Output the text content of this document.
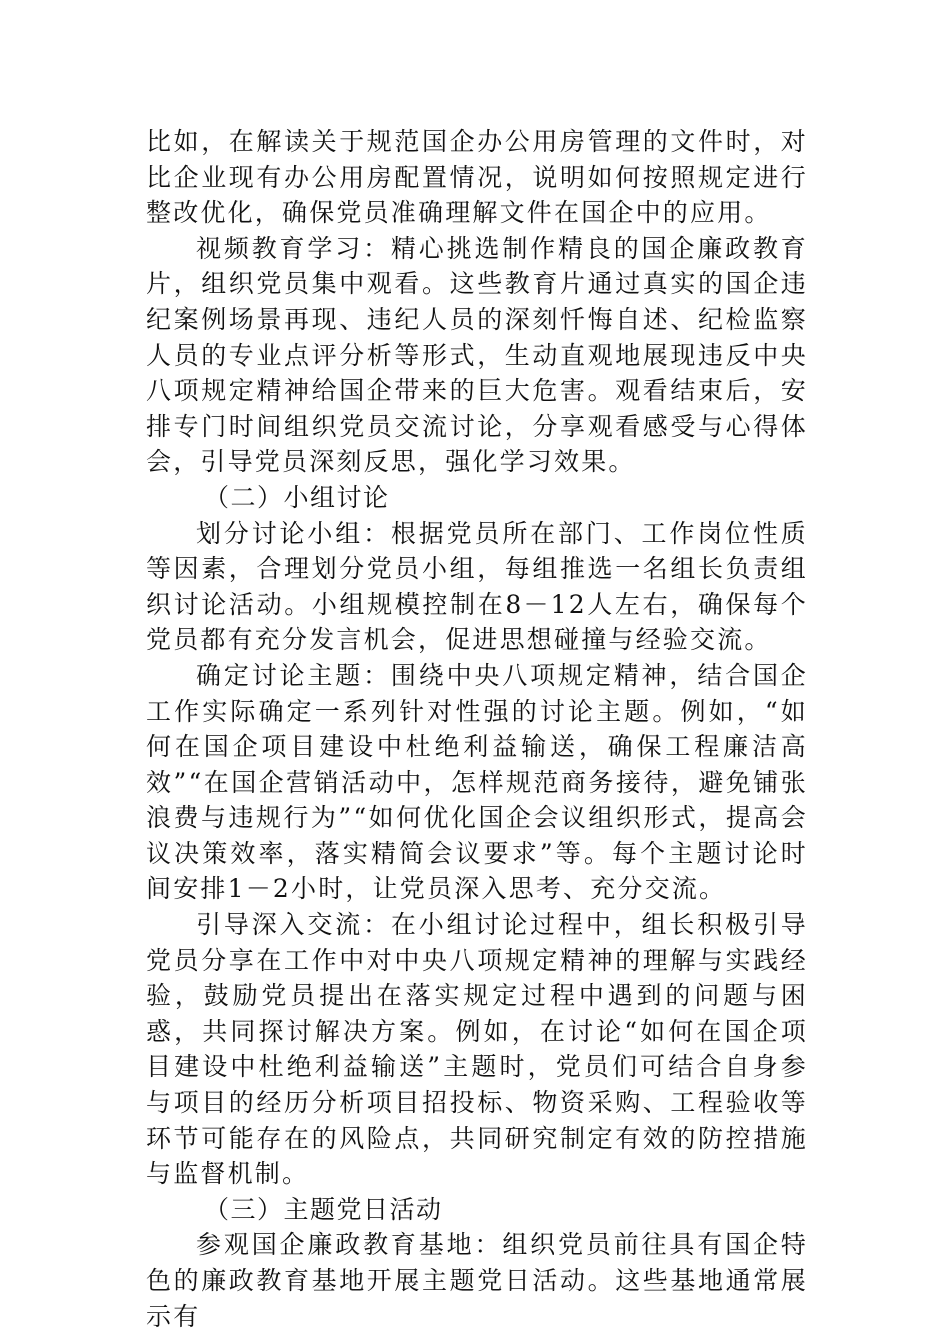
比如，在解读关于规范国企办公用房管理的文件时，对比企业现有办公用房配置情况，说明如何按照规定进行整改优化，确保党员准确理解文件在国企中的应用。

视频教育学习：精心挑选制作精良的国企廉政教育片，组织党员集中观看。这些教育片通过真实的国企违纪案例场景再现、违纪人员的深刻忏悔自述、纪检监察人员的专业点评分析等形式，生动直观地展现违反中央八项规定精神给国企带来的巨大危害。观看结束后，安排专门时间组织党员交流讨论，分享观看感受与心得体会，引导党员深刻反思，强化学习效果。

（二）小组讨论

划分讨论小组：根据党员所在部门、工作岗位性质等因素，合理划分党员小组，每组推选一名组长负责组织讨论活动。小组规模控制在8－12人左右，确保每个党员都有充分发言机会，促进思想碰撞与经验交流。

确定讨论主题：围绕中央八项规定精神，结合国企工作实际确定一系列针对性强的讨论主题。例如，“如何在国企项目建设中杜绝利益输送，确保工程廉洁高效”“在国企营销活动中，怎样规范商务接待，避免铺张浪费与违规行为”“如何优化国企会议组织形式，提高会议决策效率，落实精简会议要求”等。每个主题讨论时间安排1－2小时，让党员深入思考、充分交流。

引导深入交流：在小组讨论过程中，组长积极引导党员分享在工作中对中央八项规定精神的理解与实践经验，鼓励党员提出在落实规定过程中遇到的问题与困惑，共同探讨解决方案。例如，在讨论“如何在国企项目建设中杜绝利益输送”主题时，党员们可结合自身参与项目的经历分析项目招投标、物资采购、工程验收等环节可能存在的风险点，共同研究制定有效的防控措施与监督机制。

（三）主题党日活动

参观国企廉政教育基地：组织党员前往具有国企特色的廉政教育基地开展主题党日活动。这些基地通常展示有
